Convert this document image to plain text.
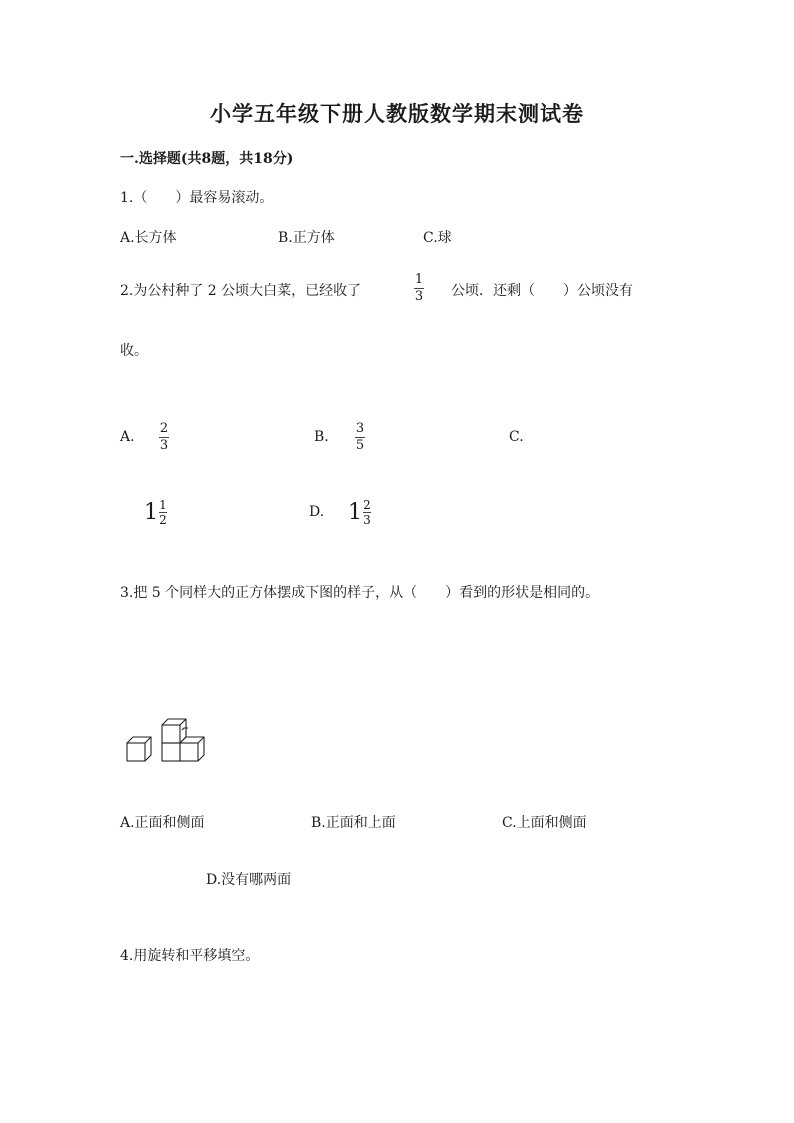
小学五年级下册人教版数学期末测试卷
一.选择题(共8题，共18分)
1.（　　）最容易滚动。
A.长方体	B.正方体	C.球
2.为公村种了 2 公顷大白菜，已经收了
1
3 公顷．还剩（　　）公顷没有
收。
A.
2
3
B.
3
5
C.
$1 \frac{1}{2}$	D. $1 \frac{2}{3}$
3.把 5 个同样大的正方体摆成下图的样子，从（　　）看到的形状是相同的。
A.正面和侧面	B.正面和上面	C.上面和侧面
D.没有哪两面
4.用旋转和平移填空。
